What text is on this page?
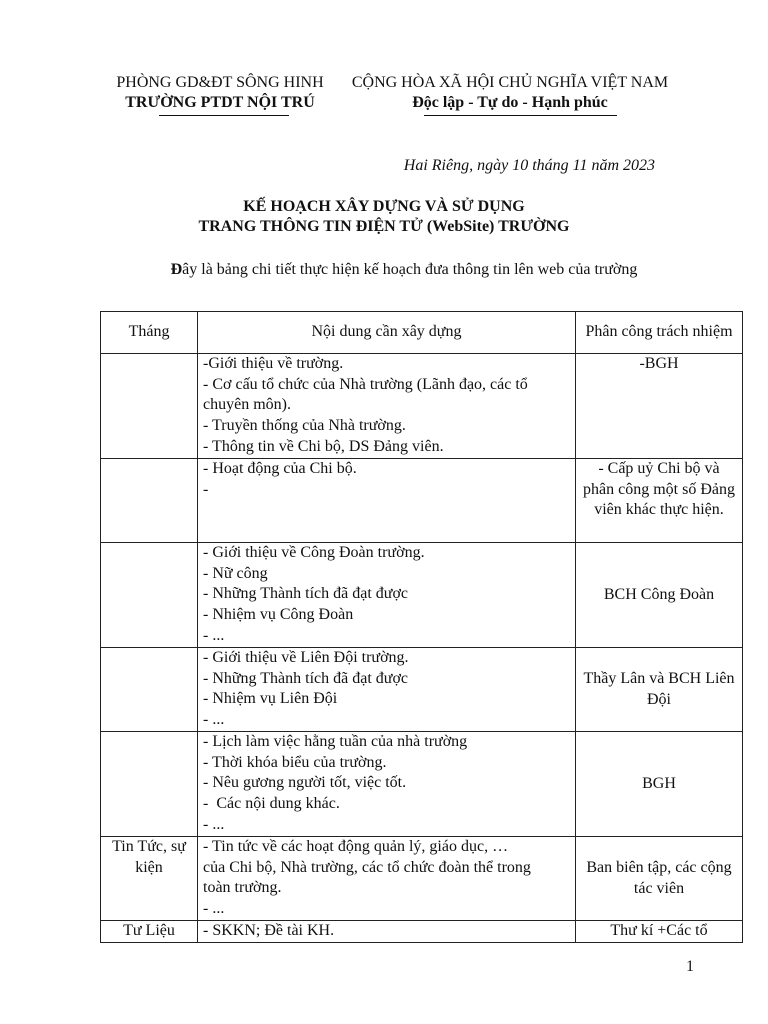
PHÒNG GD&ĐT SÔNG HINH
TRƯỜNG PTDT NỘI TRÚ
CỘNG HÒA XÃ HỘI CHỦ NGHĨA VIỆT NAM
Độc lập - Tự do - Hạnh phúc
Hai Riêng, ngày 10 tháng 11 năm 2023
KẾ HOẠCH XÂY DỰNG VÀ SỬ DỤNG
TRANG THÔNG TIN ĐIỆN TỬ (WebSite) TRƯỜNG
Đây là bảng chi tiết thực hiện kế hoạch đưa thông tin lên web của trường
Tháng	Nội dung cần xây dựng	Phân công trách nhiệm

	-Giới thiệu về trường.
- Cơ cấu tổ chức của Nhà trường (Lãnh đạo, các tổ
chuyên môn).
- Truyền thống của Nhà trường.
- Thông tin về Chi bộ, DS Đảng viên.	-BGH

	- Hoạt động của Chi bộ.
-	- Cấp uỷ Chi bộ và phân công một số Đảng viên khác thực hiện.

	- Giới thiệu về Công Đoàn trường.
- Nữ công
- Những Thành tích đã đạt được
- Nhiệm vụ Công Đoàn
- ...	BCH Công Đoàn

	- Giới thiệu về Liên Đội trường.
- Những Thành tích đã đạt được
- Nhiệm vụ Liên Đội
- ...	Thầy Lân và BCH Liên Đội

	- Lịch làm việc hằng tuần của nhà trường
- Thời khóa biểu của trường.
- Nêu gương người tốt, việc tốt.
-  Các nội dung khác.
- ...	BGH
Tin Tức, sự kiện	- Tin tức về các hoạt động quản lý, giáo dục, …
của Chi bộ, Nhà trường, các tổ chức đoàn thể trong
toàn trường.
- ...	Ban biên tập, các cộng tác viên
Tư Liệu	- SKKN; Đề tài KH.	Thư kí +Các tổ
1
